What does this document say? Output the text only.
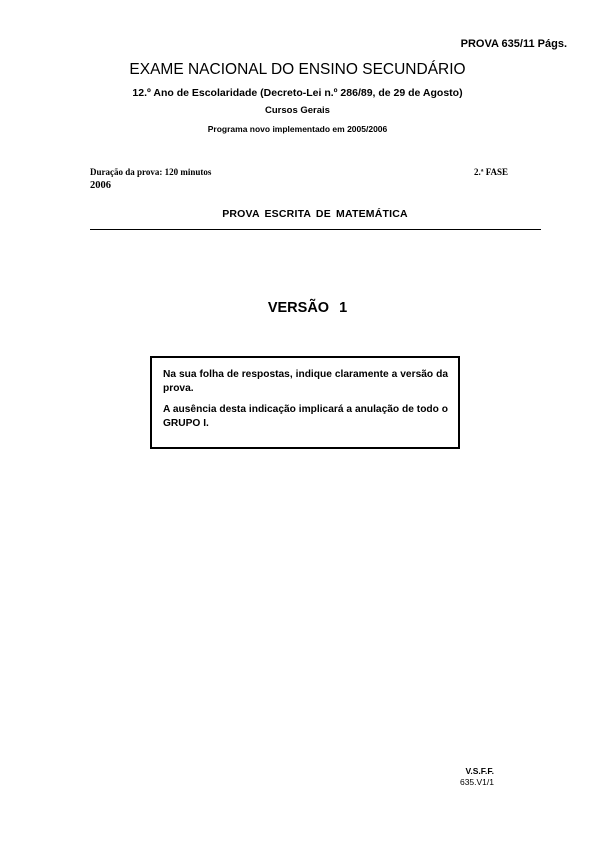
PROVA 635/11 Págs.
EXAME NACIONAL DO ENSINO SECUNDÁRIO
12.º Ano de Escolaridade (Decreto-Lei n.º 286/89, de 29 de Agosto)
Cursos Gerais
Programa novo implementado em 2005/2006
Duração da prova: 120 minutos	2.ª FASE
2006
PROVA ESCRITA DE MATEMÁTICA
VERSÃO 1

Na sua folha de respostas, indique claramente a versão da prova.

A ausência desta indicação implicará a anulação de todo o GRUPO I.

V.S.F.F.
635.V1/1
